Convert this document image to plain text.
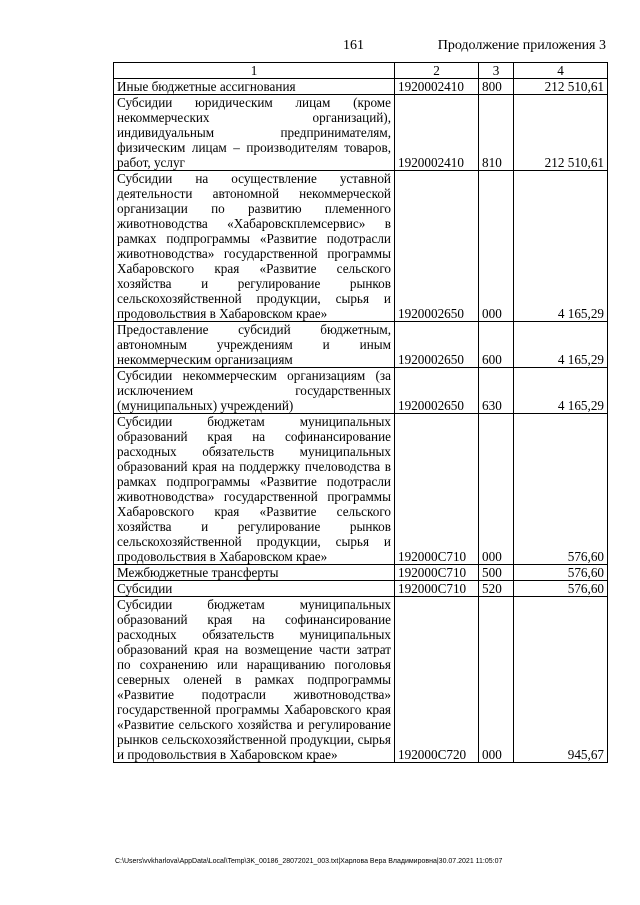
161	Продолжение приложения 3
1	2	3	4
Иные бюджетные ассигнования	1920002410	800	212 510,61
Субсидии юридическим лицам (кроме некоммерческих организаций), индивидуальным предпринимателям, физическим лицам – производителям товаров, работ, услуг	1920002410	810	212 510,61
Субсидии на осуществление уставной деятельности автономной некоммерческой организации по развитию племенного животноводства «Хабаровскплемсервис» в рамках подпрограммы «Развитие подотрасли животноводства» государственной программы Хабаровского края «Развитие сельского хозяйства и регулирование рынков сельскохозяйственной продукции, сырья и продовольствия в Хабаровском крае»	1920002650	000	4 165,29
Предоставление субсидий бюджетным, автономным учреждениям и иным некоммерческим организациям	1920002650	600	4 165,29
Субсидии некоммерческим организациям (за исключением государственных (муниципальных) учреждений)	1920002650	630	4 165,29
Субсидии бюджетам муниципальных образований края на софинансирование расходных обязательств муниципальных образований края на поддержку пчеловодства в рамках подпрограммы «Развитие подотрасли животноводства» государственной программы Хабаровского края «Развитие сельского хозяйства и регулирование рынков сельскохозяйственной продукции, сырья и продовольствия в Хабаровском крае»	192000С710	000	576,60
Межбюджетные трансферты	192000С710	500	576,60
Субсидии	192000С710	520	576,60
Субсидии бюджетам муниципальных образований края на софинансирование расходных обязательств муниципальных образований края на возмещение части затрат по сохранению или наращиванию поголовья северных оленей в рамках подпрограммы «Развитие подотрасли животноводства» государственной программы Хабаровского края «Развитие сельского хозяйства и регулирование рынков сельскохозяйственной продукции, сырья и продовольствия в Хабаровском крае»	192000С720	000	945,67
C:\Users\vvkharlova\AppData\Local\Temp\3K_00186_28072021_003.txt|Харлова Вера Владимировна|30.07.2021 11:05:07
